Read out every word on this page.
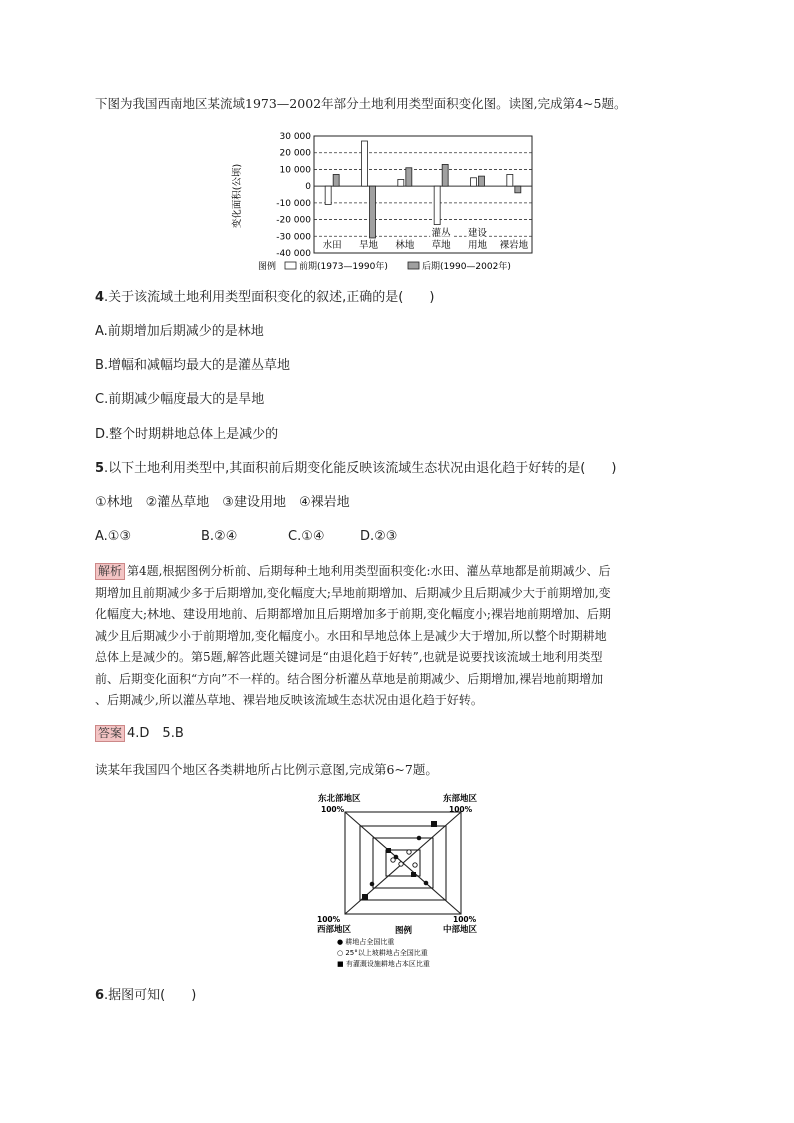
下图为我国西南地区某流域1973—2002年部分土地利用类型面积变化图。读图,完成第4~5题。
30 000
20 000
10 000
0
-10 000
-20 000
-30 000
-40 000
水田 旱地 林地
灌丛
草地
建设
用地 裸岩地
变化面积(公顷)
图例	前期(1973—1990年)	后期(1990—2002年)
4.关于该流域土地利用类型面积变化的叙述,正确的是(　　)
A.前期增加后期减少的是林地
B.增幅和减幅均最大的是灌丛草地
C.前期减少幅度最大的是旱地
D.整个时期耕地总体上是减少的
5.以下土地利用类型中,其面积前后期变化能反映该流域生态状况由退化趋于好转的是(　　)
①林地　②灌丛草地　③建设用地　④裸岩地
A.①③	B.②④	C.①④	D.②③
解析 第4题,根据图例分析前、后期每种土地利用类型面积变化:水田、灌丛草地都是前期减少、后
期增加且前期减少多于后期增加,变化幅度大;旱地前期增加、后期减少且后期减少大于前期增加,变
化幅度大;林地、建设用地前、后期都增加且后期增加多于前期,变化幅度小;裸岩地前期增加、后期
减少且后期减少小于前期增加,变化幅度小。水田和旱地总体上是减少大于增加,所以整个时期耕地
总体上是减少的。第5题,解答此题关键词是“由退化趋于好转”,也就是说要找该流域土地利用类型
前、后期变化面积“方向”不一样的。结合图分析灌丛草地是前期减少、后期增加,裸岩地前期增加
、后期减少,所以灌丛草地、裸岩地反映该流域生态状况由退化趋于好转。
答案 4.D　5.B
读某年我国四个地区各类耕地所占比例示意图,完成第6~7题。
东北部地区
100%
东部地区
100%
100%
西部地区
100%
中部地区
图例
● 耕地占全国比重
○ 25°以上坡耕地占全国比重
■ 有灌溉设施耕地占本区比重
6.据图可知(　　)
